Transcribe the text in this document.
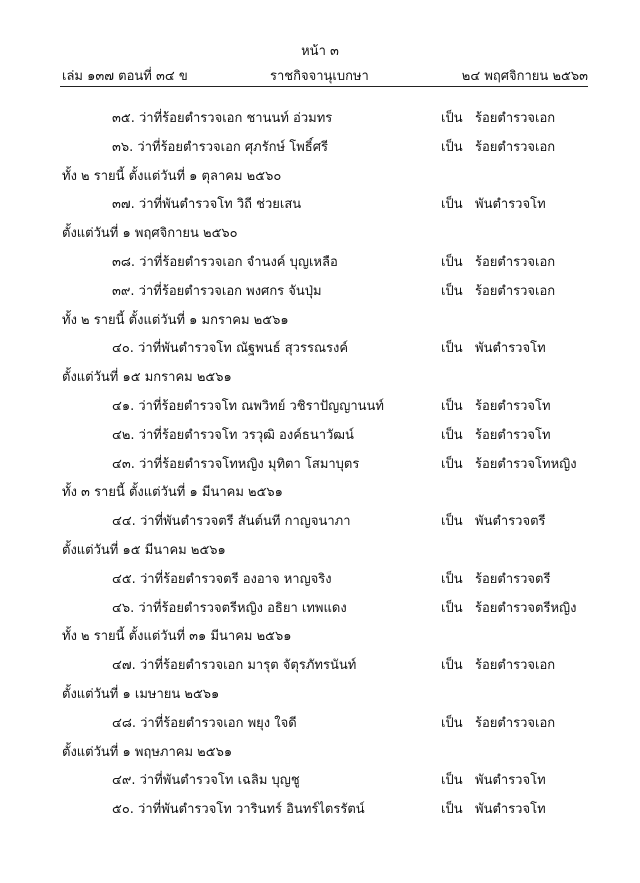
หน้า ๓
เล่ม ๑๓๗ ตอนที่ ๓๔ ข	ราชกิจจานุเบกษา	๒๔ พฤศจิกายน ๒๕๖๓
๓๕. ว่าที่ร้อยตำรวจเอก ชานนท์ อ่วมทร	เป็น ร้อยตำรวจเอก
๓๖. ว่าที่ร้อยตำรวจเอก ศุภรักษ์ โพธิ์ศรี	เป็น ร้อยตำรวจเอก
ทั้ง ๒ รายนี้ ตั้งแต่วันที่ ๑ ตุลาคม ๒๕๖๐
๓๗. ว่าที่พันตำรวจโท วิถี ช่วยเสน	เป็น พันตำรวจโท
ตั้งแต่วันที่ ๑ พฤศจิกายน ๒๕๖๐
๓๘. ว่าที่ร้อยตำรวจเอก จำนงค์ บุญเหลือ	เป็น ร้อยตำรวจเอก
๓๙. ว่าที่ร้อยตำรวจเอก พงศกร จันปุ่ม	เป็น ร้อยตำรวจเอก
ทั้ง ๒ รายนี้ ตั้งแต่วันที่ ๑ มกราคม ๒๕๖๑
๔๐. ว่าที่พันตำรวจโท ณัฐพนธ์ สุวรรณรงค์	เป็น พันตำรวจโท
ตั้งแต่วันที่ ๑๕ มกราคม ๒๕๖๑
๔๑. ว่าที่ร้อยตำรวจโท ณพวิทย์ วชิราปัญญานนท์	เป็น ร้อยตำรวจโท
๔๒. ว่าที่ร้อยตำรวจโท วรวุฒิ องค์ธนาวัฒน์	เป็น ร้อยตำรวจโท
๔๓. ว่าที่ร้อยตำรวจโทหญิง มุทิตา โสมาบุตร	เป็น ร้อยตำรวจโทหญิง
ทั้ง ๓ รายนี้ ตั้งแต่วันที่ ๑ มีนาคม ๒๕๖๑
๔๔. ว่าที่พันตำรวจตรี สันต์นที กาญจนาภา	เป็น พันตำรวจตรี
ตั้งแต่วันที่ ๑๕ มีนาคม ๒๕๖๑
๔๕. ว่าที่ร้อยตำรวจตรี องอาจ หาญจริง	เป็น ร้อยตำรวจตรี
๔๖. ว่าที่ร้อยตำรวจตรีหญิง อธิยา เทพแดง	เป็น ร้อยตำรวจตรีหญิง
ทั้ง ๒ รายนี้ ตั้งแต่วันที่ ๓๑ มีนาคม ๒๕๖๑
๔๗. ว่าที่ร้อยตำรวจเอก มารุต จัตุรภัทรนันท์	เป็น ร้อยตำรวจเอก
ตั้งแต่วันที่ ๑ เมษายน ๒๕๖๑
๔๘. ว่าที่ร้อยตำรวจเอก พยุง ใจดี	เป็น ร้อยตำรวจเอก
ตั้งแต่วันที่ ๑ พฤษภาคม ๒๕๖๑
๔๙. ว่าที่พันตำรวจโท เฉลิม บุญชู	เป็น พันตำรวจโท
๕๐. ว่าที่พันตำรวจโท วารินทร์ อินทร์ไตรรัตน์	เป็น พันตำรวจโท
